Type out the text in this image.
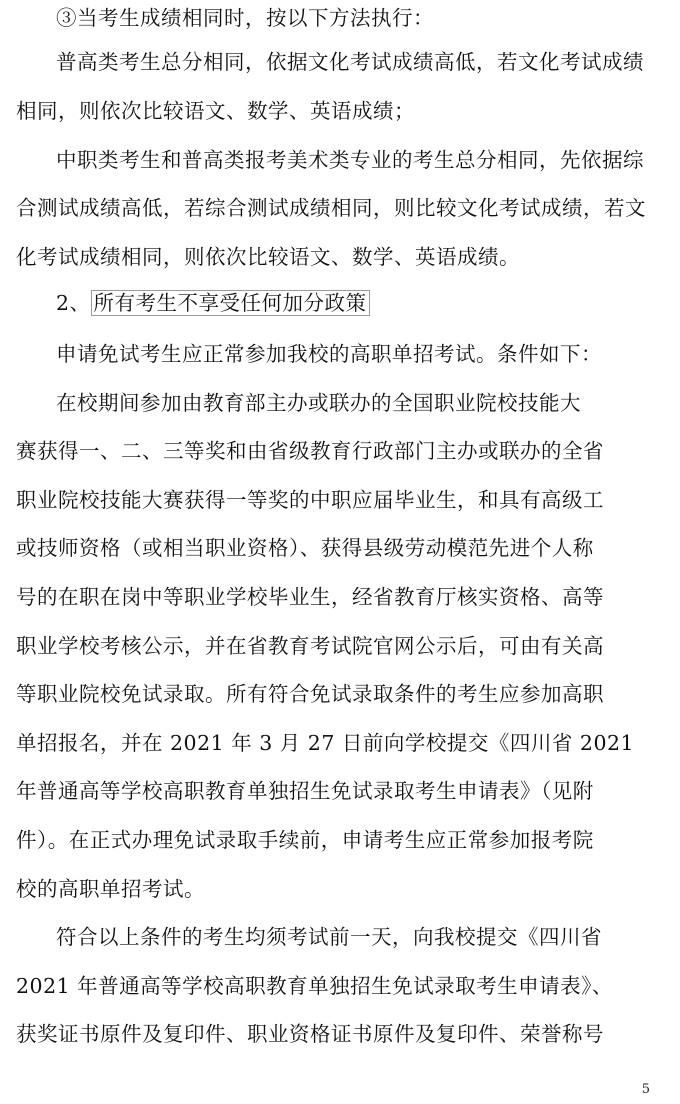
③当考生成绩相同时，按以下方法执行：
普高类考生总分相同，依据文化考试成绩高低，若文化考试成绩
相同，则依次比较语文、数学、英语成绩；
中职类考生和普高类报考美术类专业的考生总分相同，先依据综
合测试成绩高低，若综合测试成绩相同，则比较文化考试成绩，若文
化考试成绩相同，则依次比较语文、数学、英语成绩。
2、 所有考生不享受任何加分政策
申请免试考生应正常参加我校的高职单招考试。条件如下：
在校期间参加由教育部主办或联办的全国职业院校技能大
赛获得一、二、三等奖和由省级教育行政部门主办或联办的全省
职业院校技能大赛获得一等奖的中职应届毕业生，和具有高级工
或技师资格（或相当职业资格）、获得县级劳动模范先进个人称
号的在职在岗中等职业学校毕业生，经省教育厅核实资格、高等
职业学校考核公示，并在省教育考试院官网公示后，可由有关高
等职业院校免试录取。所有符合免试录取条件的考生应参加高职
单招报名，并在 2021 年 3 月 27 日前向学校提交《四川省 2021
年普通高等学校高职教育单独招生免试录取考生申请表》（见附
件）。在正式办理免试录取手续前，申请考生应正常参加报考院
校的高职单招考试。
符合以上条件的考生均须考试前一天，向我校提交《四川省
2021 年普通高等学校高职教育单独招生免试录取考生申请表》、
获奖证书原件及复印件、职业资格证书原件及复印件、荣誉称号
5
